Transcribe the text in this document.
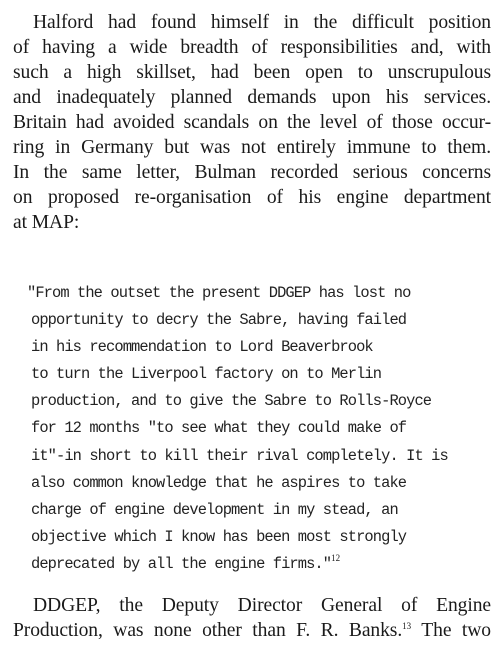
Halford had found himself in the difficult position
of having a wide breadth of responsibilities and, with
such a high skillset, had been open to unscrupulous
and inadequately planned demands upon his services.
Britain had avoided scandals on the level of those occur-
ring in Germany but was not entirely immune to them.
In the same letter, Bulman recorded serious concerns
on proposed re-organisation of his engine department
at MAP:

"From the outset the present DDGEP has lost no
opportunity to decry the Sabre, having failed
in his recommendation to Lord Beaverbrook
to turn the Liverpool factory on to Merlin
production, and to give the Sabre to Rolls-Royce
for 12 months "to see what they could make of
it"-in short to kill their rival completely. It is
also common knowledge that he aspires to take
charge of engine development in my stead, an
objective which I know has been most strongly
deprecated by all the engine firms."$^{12}$

DDGEP, the Deputy Director General of Engine
Production, was none other than F. R. Banks.$^{13}$ The two
